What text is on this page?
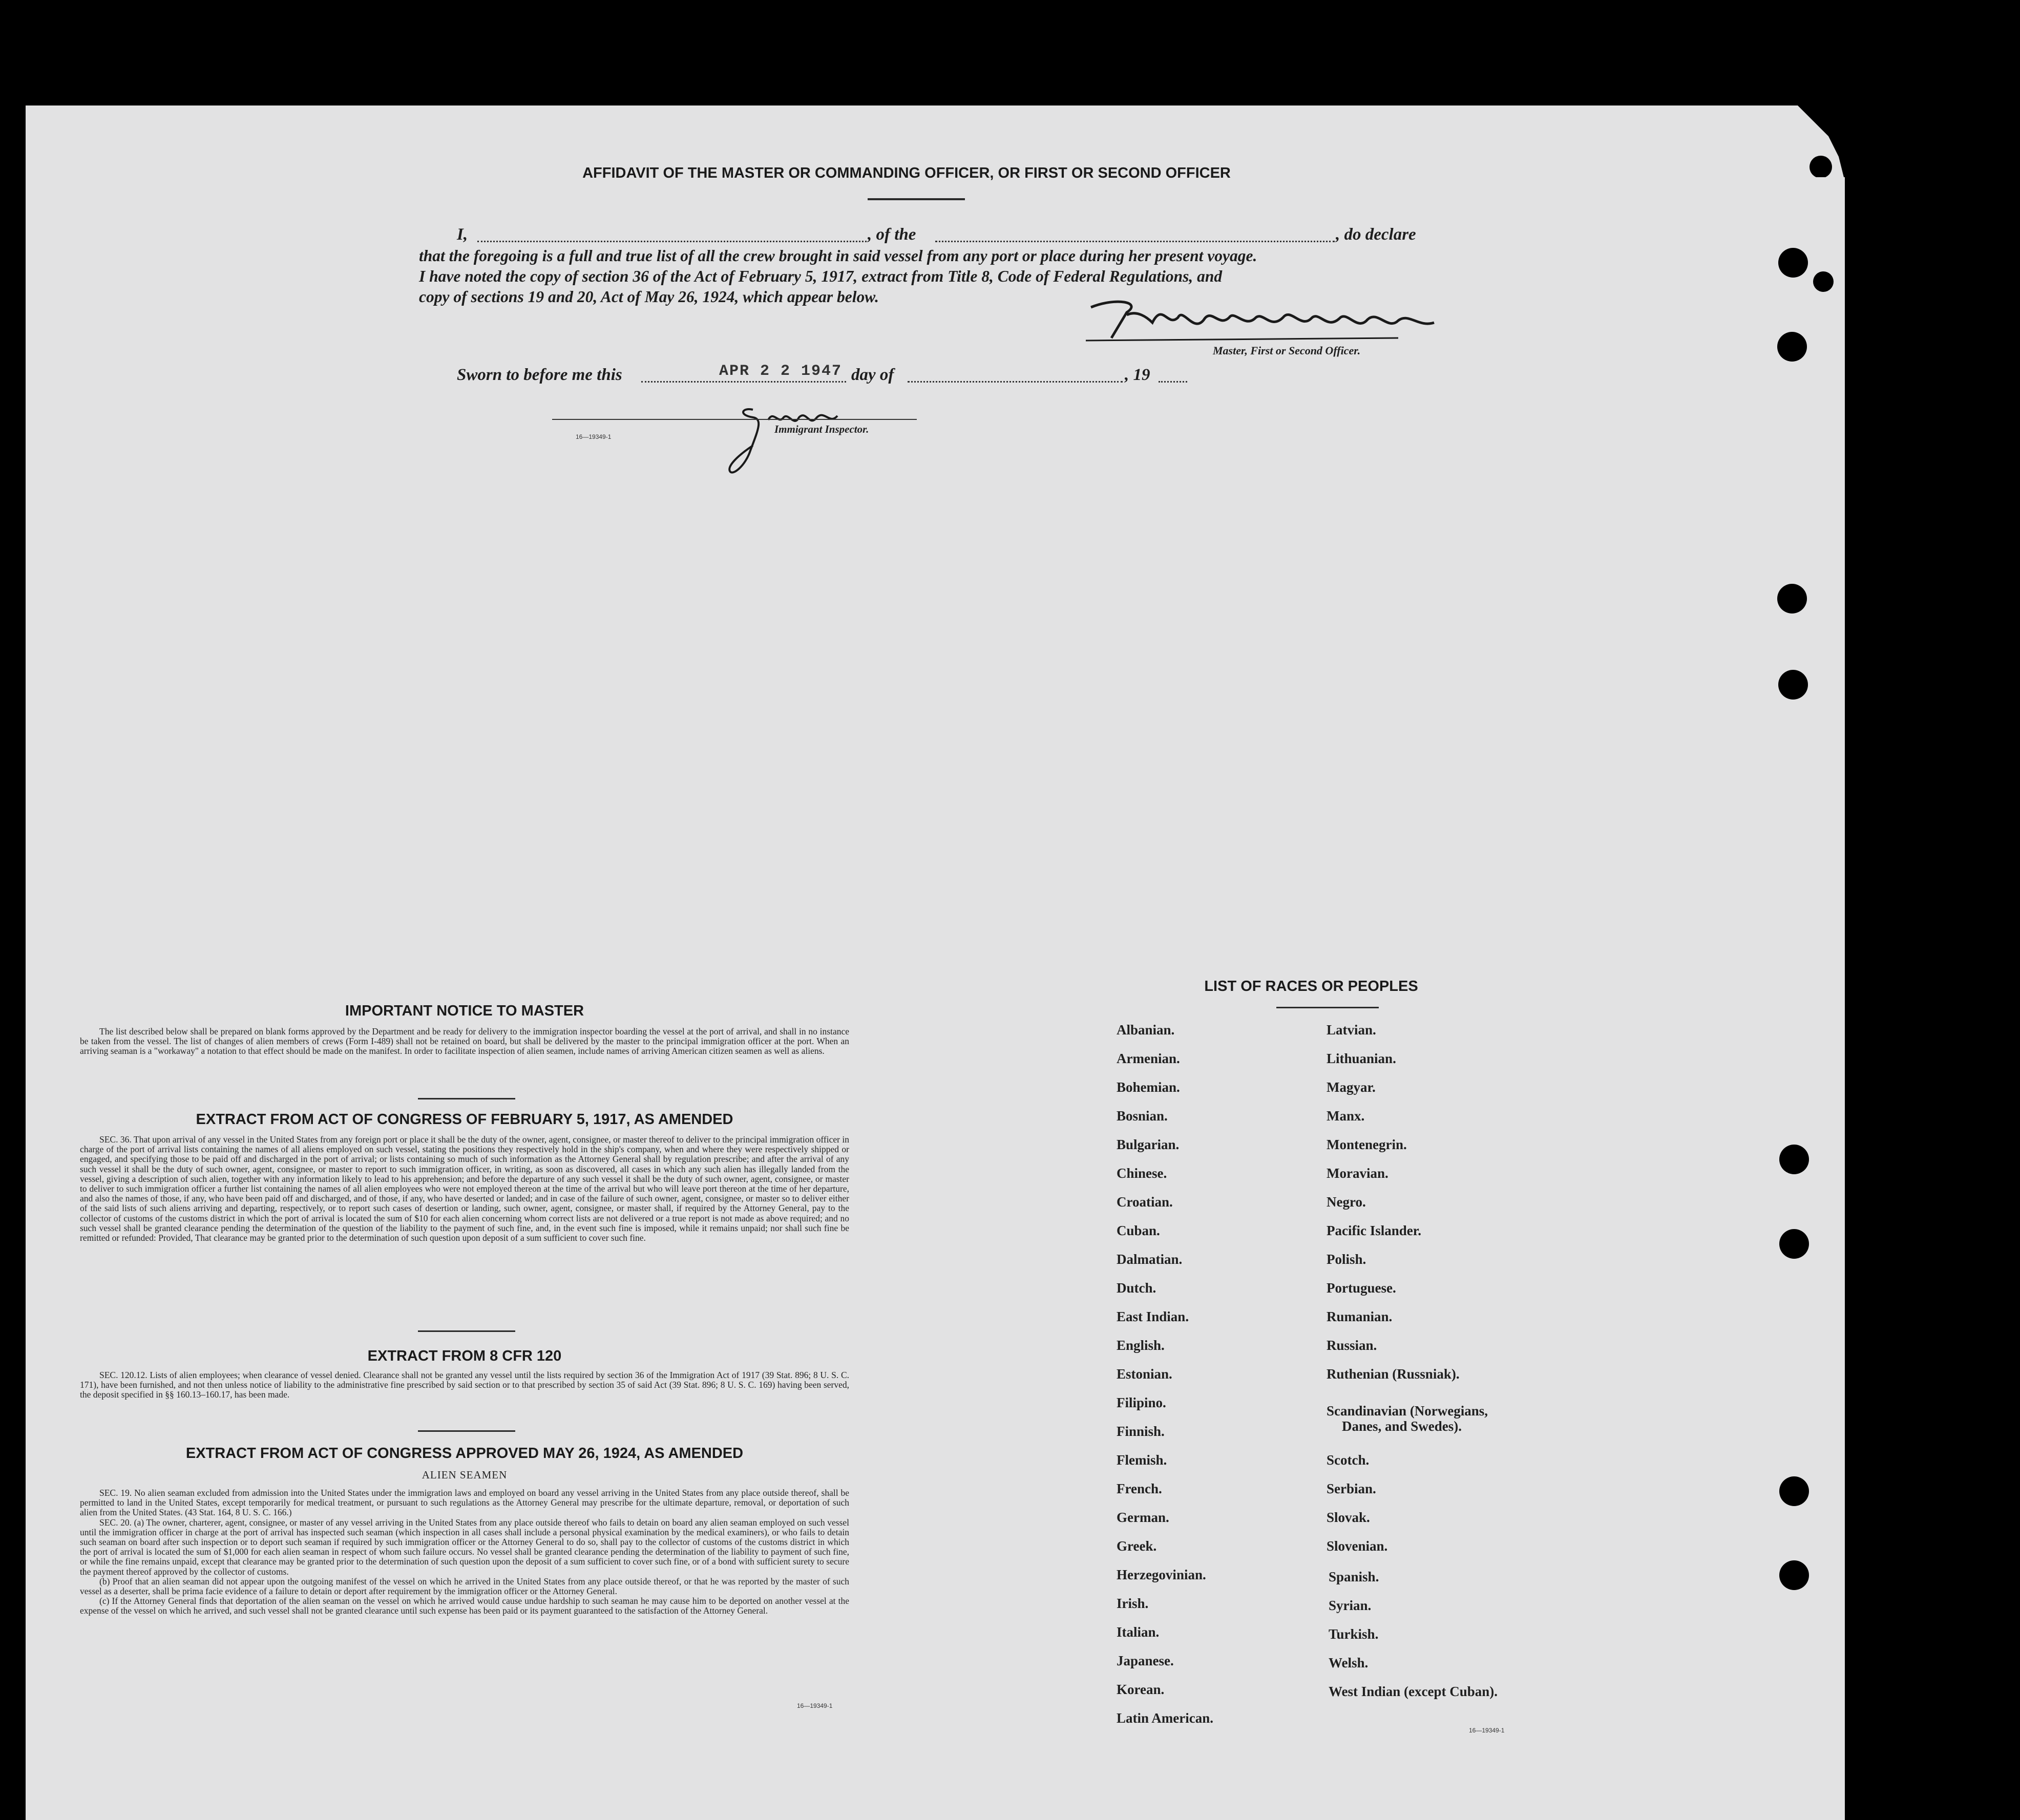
AFFIDAVIT OF THE MASTER OR COMMANDING OFFICER, OR FIRST OR SECOND OFFICER
I,	, of the	, do declare
that the foregoing is a full and true list of all the crew brought in said vessel from any port or place during her present voyage.
I have noted the copy of section 36 of the Act of February 5, 1917, extract from Title 8, Code of Federal Regulations, and
copy of sections 19 and 20, Act of May 26, 1924, which appear below.
Master, First or Second Officer.
Sworn to before me this	APR 2 2 1947 day of	, 19
Immigrant Inspector.
16—19349-1
IMPORTANT NOTICE TO MASTER

The list described below shall be prepared on blank forms approved by the Department and be ready for delivery to the immigration inspector boarding the vessel at the port of arrival, and shall in no instance be taken from the vessel. The list of changes of alien members of crews (Form I-489) shall not be retained on board, but shall be delivered by the master to the principal immigration officer at the port. When an arriving seaman is a "workaway" a notation to that effect should be made on the manifest. In order to facilitate inspection of alien seamen, include names of arriving American citizen seamen as well as aliens.

EXTRACT FROM ACT OF CONGRESS OF FEBRUARY 5, 1917, AS AMENDED

SEC. 36. That upon arrival of any vessel in the United States from any foreign port or place it shall be the duty of the owner, agent, consignee, or master thereof to deliver to the principal immigration officer in charge of the port of arrival lists containing the names of all aliens employed on such vessel, stating the positions they respectively hold in the ship's company, when and where they were respectively shipped or engaged, and specifying those to be paid off and discharged in the port of arrival; or lists containing so much of such information as the Attorney General shall by regulation prescribe; and after the arrival of any such vessel it shall be the duty of such owner, agent, consignee, or master to report to such immigration officer, in writing, as soon as discovered, all cases in which any such alien has illegally landed from the vessel, giving a description of such alien, together with any information likely to lead to his apprehension; and before the departure of any such vessel it shall be the duty of such owner, agent, consignee, or master to deliver to such immigration officer a further list containing the names of all alien employees who were not employed thereon at the time of the arrival but who will leave port thereon at the time of her departure, and also the names of those, if any, who have been paid off and discharged, and of those, if any, who have deserted or landed; and in case of the failure of such owner, agent, consignee, or master so to deliver either of the said lists of such aliens arriving and departing, respectively, or to report such cases of desertion or landing, such owner, agent, consignee, or master shall, if required by the Attorney General, pay to the collector of customs of the customs district in which the port of arrival is located the sum of $10 for each alien concerning whom correct lists are not delivered or a true report is not made as above required; and no such vessel shall be granted clearance pending the determination of the question of the liability to the payment of such fine, and, in the event such fine is imposed, while it remains unpaid; nor shall such fine be remitted or refunded: Provided, That clearance may be granted prior to the determination of such question upon deposit of a sum sufficient to cover such fine.

EXTRACT FROM 8 CFR 120

SEC. 120.12. Lists of alien employees; when clearance of vessel denied. Clearance shall not be granted any vessel until the lists required by section 36 of the Immigration Act of 1917 (39 Stat. 896; 8 U. S. C. 171), have been furnished, and not then unless notice of liability to the administrative fine prescribed by said section or to that prescribed by section 35 of said Act (39 Stat. 896; 8 U. S. C. 169) having been served, the deposit specified in §§ 160.13–160.17, has been made.

EXTRACT FROM ACT OF CONGRESS APPROVED MAY 26, 1924, AS AMENDED
ALIEN SEAMEN

SEC. 19. No alien seaman excluded from admission into the United States under the immigration laws and employed on board any vessel arriving in the United States from any place outside thereof, shall be permitted to land in the United States, except temporarily for medical treatment, or pursuant to such regulations as the Attorney General may prescribe for the ultimate departure, removal, or deportation of such alien from the United States. (43 Stat. 164, 8 U. S. C. 166.)

SEC. 20. (a) The owner, charterer, agent, consignee, or master of any vessel arriving in the United States from any place outside thereof who fails to detain on board any alien seaman employed on such vessel until the immigration officer in charge at the port of arrival has inspected such seaman (which inspection in all cases shall include a personal physical examination by the medical examiners), or who fails to detain such seaman on board after such inspection or to deport such seaman if required by such immigration officer or the Attorney General to do so, shall pay to the collector of customs of the customs district in which the port of arrival is located the sum of $1,000 for each alien seaman in respect of whom such failure occurs. No vessel shall be granted clearance pending the determination of the liability to payment of such fine, or while the fine remains unpaid, except that clearance may be granted prior to the determination of such question upon the deposit of a sum sufficient to cover such fine, or of a bond with sufficient surety to secure the payment thereof approved by the collector of customs.

(b) Proof that an alien seaman did not appear upon the outgoing manifest of the vessel on which he arrived in the United States from any place outside thereof, or that he was reported by the master of such vessel as a deserter, shall be prima facie evidence of a failure to detain or deport after requirement by the immigration officer or the Attorney General.

(c) If the Attorney General finds that deportation of the alien seaman on the vessel on which he arrived would cause undue hardship to such seaman he may cause him to be deported on another vessel at the expense of the vessel on which he arrived, and such vessel shall not be granted clearance until such expense has been paid or its payment guaranteed to the satisfaction of the Attorney General.

16—19349-1
LIST OF RACES OR PEOPLES
Albanian.
Armenian.
Bohemian.
Bosnian.
Bulgarian.
Chinese.
Croatian.
Cuban.
Dalmatian.
Dutch.
East Indian.
English.
Estonian.
Filipino.
Finnish.
Flemish.
French.
German.
Greek.
Herzegovinian.
Irish.
Italian.
Japanese.
Korean.
Latin American.
Latvian.
Lithuanian.
Magyar.
Manx.
Montenegrin.
Moravian.
Negro.
Pacific Islander.
Polish.
Portuguese.
Rumanian.
Russian.
Ruthenian (Russniak).
Scandinavian (Norwegians,
Danes, and Swedes).
Scotch.
Serbian.
Slovak.
Slovenian.
Spanish.
Syrian.
Turkish.
Welsh.
West Indian (except Cuban).
16—19349-1
